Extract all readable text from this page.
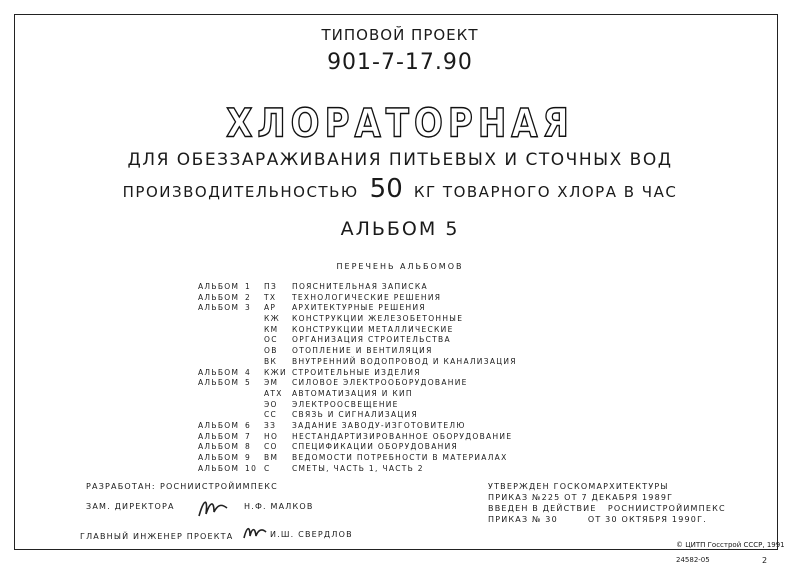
ТИПОВОЙ ПРОЕКТ
901-7-17.90
ХЛОРАТОРНАЯ
ДЛЯ ОБЕЗЗАРАЖИВАНИЯ ПИТЬЕВЫХ И СТОЧНЫХ ВОД
ПРОИЗВОДИТЕЛЬНОСТЬЮ 50 КГ ТОВАРНОГО ХЛОРА В ЧАС
АЛЬБОМ 5
ПЕРЕЧЕНЬ АЛЬБОМОВ
АЛЬБОМ 1 ПЗ ПОЯСНИТЕЛЬНАЯ ЗАПИСКА
АЛЬБОМ 2 ТХ ТЕХНОЛОГИЧЕСКИЕ РЕШЕНИЯ
АЛЬБОМ 3 АР АРХИТЕКТУРНЫЕ РЕШЕНИЯ
КЖ КОНСТРУКЦИИ ЖЕЛЕЗОБЕТОННЫЕ
КМ КОНСТРУКЦИИ МЕТАЛЛИЧЕСКИЕ
ОС ОРГАНИЗАЦИЯ СТРОИТЕЛЬСТВА
ОВ ОТОПЛЕНИЕ И ВЕНТИЛЯЦИЯ
ВК ВНУТРЕННИЙ ВОДОПРОВОД И КАНАЛИЗАЦИЯ
АЛЬБОМ 4 КЖИ СТРОИТЕЛЬНЫЕ ИЗДЕЛИЯ
АЛЬБОМ 5 ЭМ СИЛОВОЕ ЭЛЕКТРООБОРУДОВАНИЕ
АТХ АВТОМАТИЗАЦИЯ И КИП
ЭО ЭЛЕКТРООСВЕЩЕНИЕ
СС СВЯЗЬ И СИГНАЛИЗАЦИЯ
АЛЬБОМ 6 ЗЗ ЗАДАНИЕ ЗАВОДУ-ИЗГОТОВИТЕЛЮ
АЛЬБОМ 7 НО НЕСТАНДАРТИЗИРОВАННОЕ ОБОРУДОВАНИЕ
АЛЬБОМ 8 СО СПЕЦИФИКАЦИИ ОБОРУДОВАНИЯ
АЛЬБОМ 9 ВМ ВЕДОМОСТИ ПОТРЕБНОСТИ В МАТЕРИАЛАХ
АЛЬБОМ 10 С	СМЕТЫ, ЧАСТЬ 1, ЧАСТЬ 2
РАЗРАБОТАН: РОСНИИСТРОЙИМПЕКС
ЗАМ. ДИРЕКТОРА	Н.Ф. МАЛКОВ
ГЛАВНЫЙ ИНЖЕНЕР ПРОЕКТА	И.Ш. СВЕРДЛОВ
УТВЕРЖДЕН ГОСКОМАРХИТЕКТУРЫ
ПРИКАЗ №225 ОТ 7 ДЕКАБРЯ 1989Г
ВВЕДЕН В ДЕЙСТВИЕ   РОСНИИСТРОЙИМПЕКС
ПРИКАЗ № 30        ОТ 30 ОКТЯБРЯ 1990Г.
© ЦИТП Госстрой СССР, 1991
24582-05	2
